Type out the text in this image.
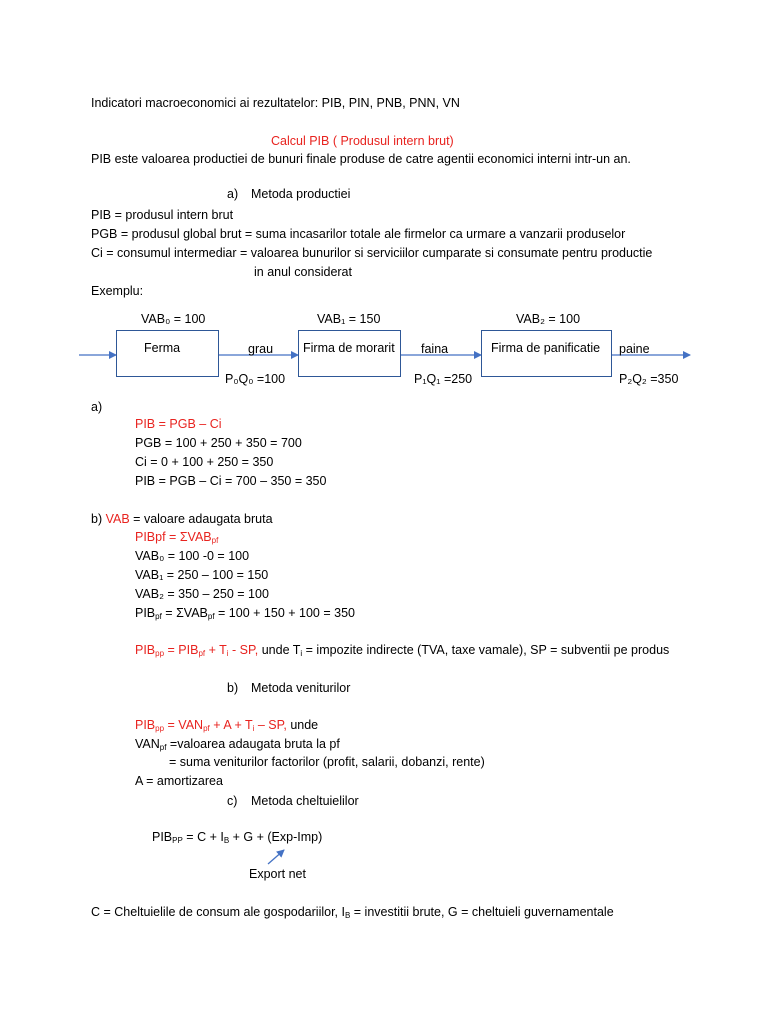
Indicatori macroeconomici ai rezultatelor: PIB, PIN, PNB, PNN, VN
Calcul PIB ( Produsul intern brut)
PIB este valoarea productiei de bunuri finale produse de catre agentii economici interni intr-un an.
a) Metoda productiei
PIB = produsul intern brut
PGB = produsul global brut = suma incasarilor totale ale firmelor ca urmare a vanzarii produselor
Ci = consumul intermediar = valoarea bunurilor si serviciilor cumparate si consumate pentru productie
in anul considerat
Exemplu:
VAB₀ = 100	VAB₁ = 150	VAB₂ = 100
Ferma	Firma de morarit	Firma de panificatie
grau	faina	paine
P₀Q₀ =100	P₁Q₁ =250	P₂Q₂ =350
a)
PIB = PGB – Ci
PGB = 100 + 250 + 350 = 700
Ci = 0 + 100 + 250 = 350
PIB = PGB – Ci = 700 – 350 = 350
b) VAB = valoare adaugata bruta
PIBpf = $\Sigma VAB_{pf}$
VAB₀ = 100 -0 = 100
VAB₁ = 250 – 100 = 150
VAB₂ = 350 – 250 = 100
$PIB_{pf} = \Sigma VAB_{pf} = 100 + 150 + 100 = 350$
$PIB_{pp} = PIB_{pf} + T_i$ - SP, unde $T_i$ = impozite indirecte (TVA, taxe vamale), SP = subventii pe produs
b) Metoda veniturilor
$PIB_{pp} = VAN_{pf} + A + T_i$ – SP, unde
$VAN_{pf}$ =valoarea adaugata bruta la pf
= suma veniturilor factorilor (profit, salarii, dobanzi, rente)
A = amortizarea
c) Metoda cheltuielilor
$PIB_{PP} = C + I_B + G + (Exp-Imp)$
Export net
C = Cheltuielile de consum ale gospodariilor, $I_B$ = investitii brute, G = cheltuieli guvernamentale
